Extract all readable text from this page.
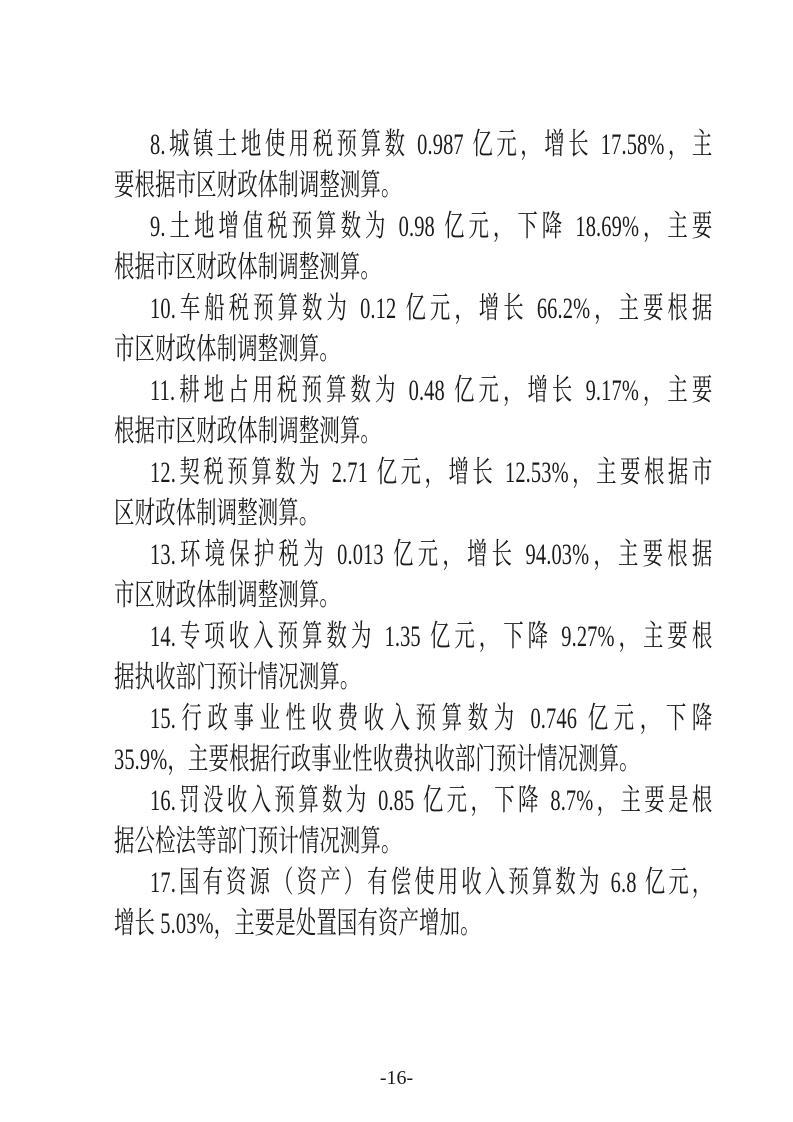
8.城镇土地使用税预算数 0.987 亿元，增长 17.58%，主
要根据市区财政体制调整测算。

9.土地增值税预算数为 0.98 亿元，下降 18.69%，主要
根据市区财政体制调整测算。

10.车船税预算数为 0.12 亿元，增长 66.2%，主要根据
市区财政体制调整测算。

11.耕地占用税预算数为 0.48 亿元，增长 9.17%，主要
根据市区财政体制调整测算。

12.契税预算数为 2.71 亿元，增长 12.53%，主要根据市
区财政体制调整测算。

13.环境保护税为 0.013 亿元，增长 94.03%，主要根据
市区财政体制调整测算。

14.专项收入预算数为 1.35 亿元，下降 9.27%，主要根
据执收部门预计情况测算。

15.行政事业性收费收入预算数为 0.746 亿元，下降
35.9%，主要根据行政事业性收费执收部门预计情况测算。

16.罚没收入预算数为 0.85 亿元，下降 8.7%，主要是根
据公检法等部门预计情况测算。

17.国有资源（资产）有偿使用收入预算数为 6.8 亿元，
增长 5.03%，主要是处置国有资产增加。

-16-
